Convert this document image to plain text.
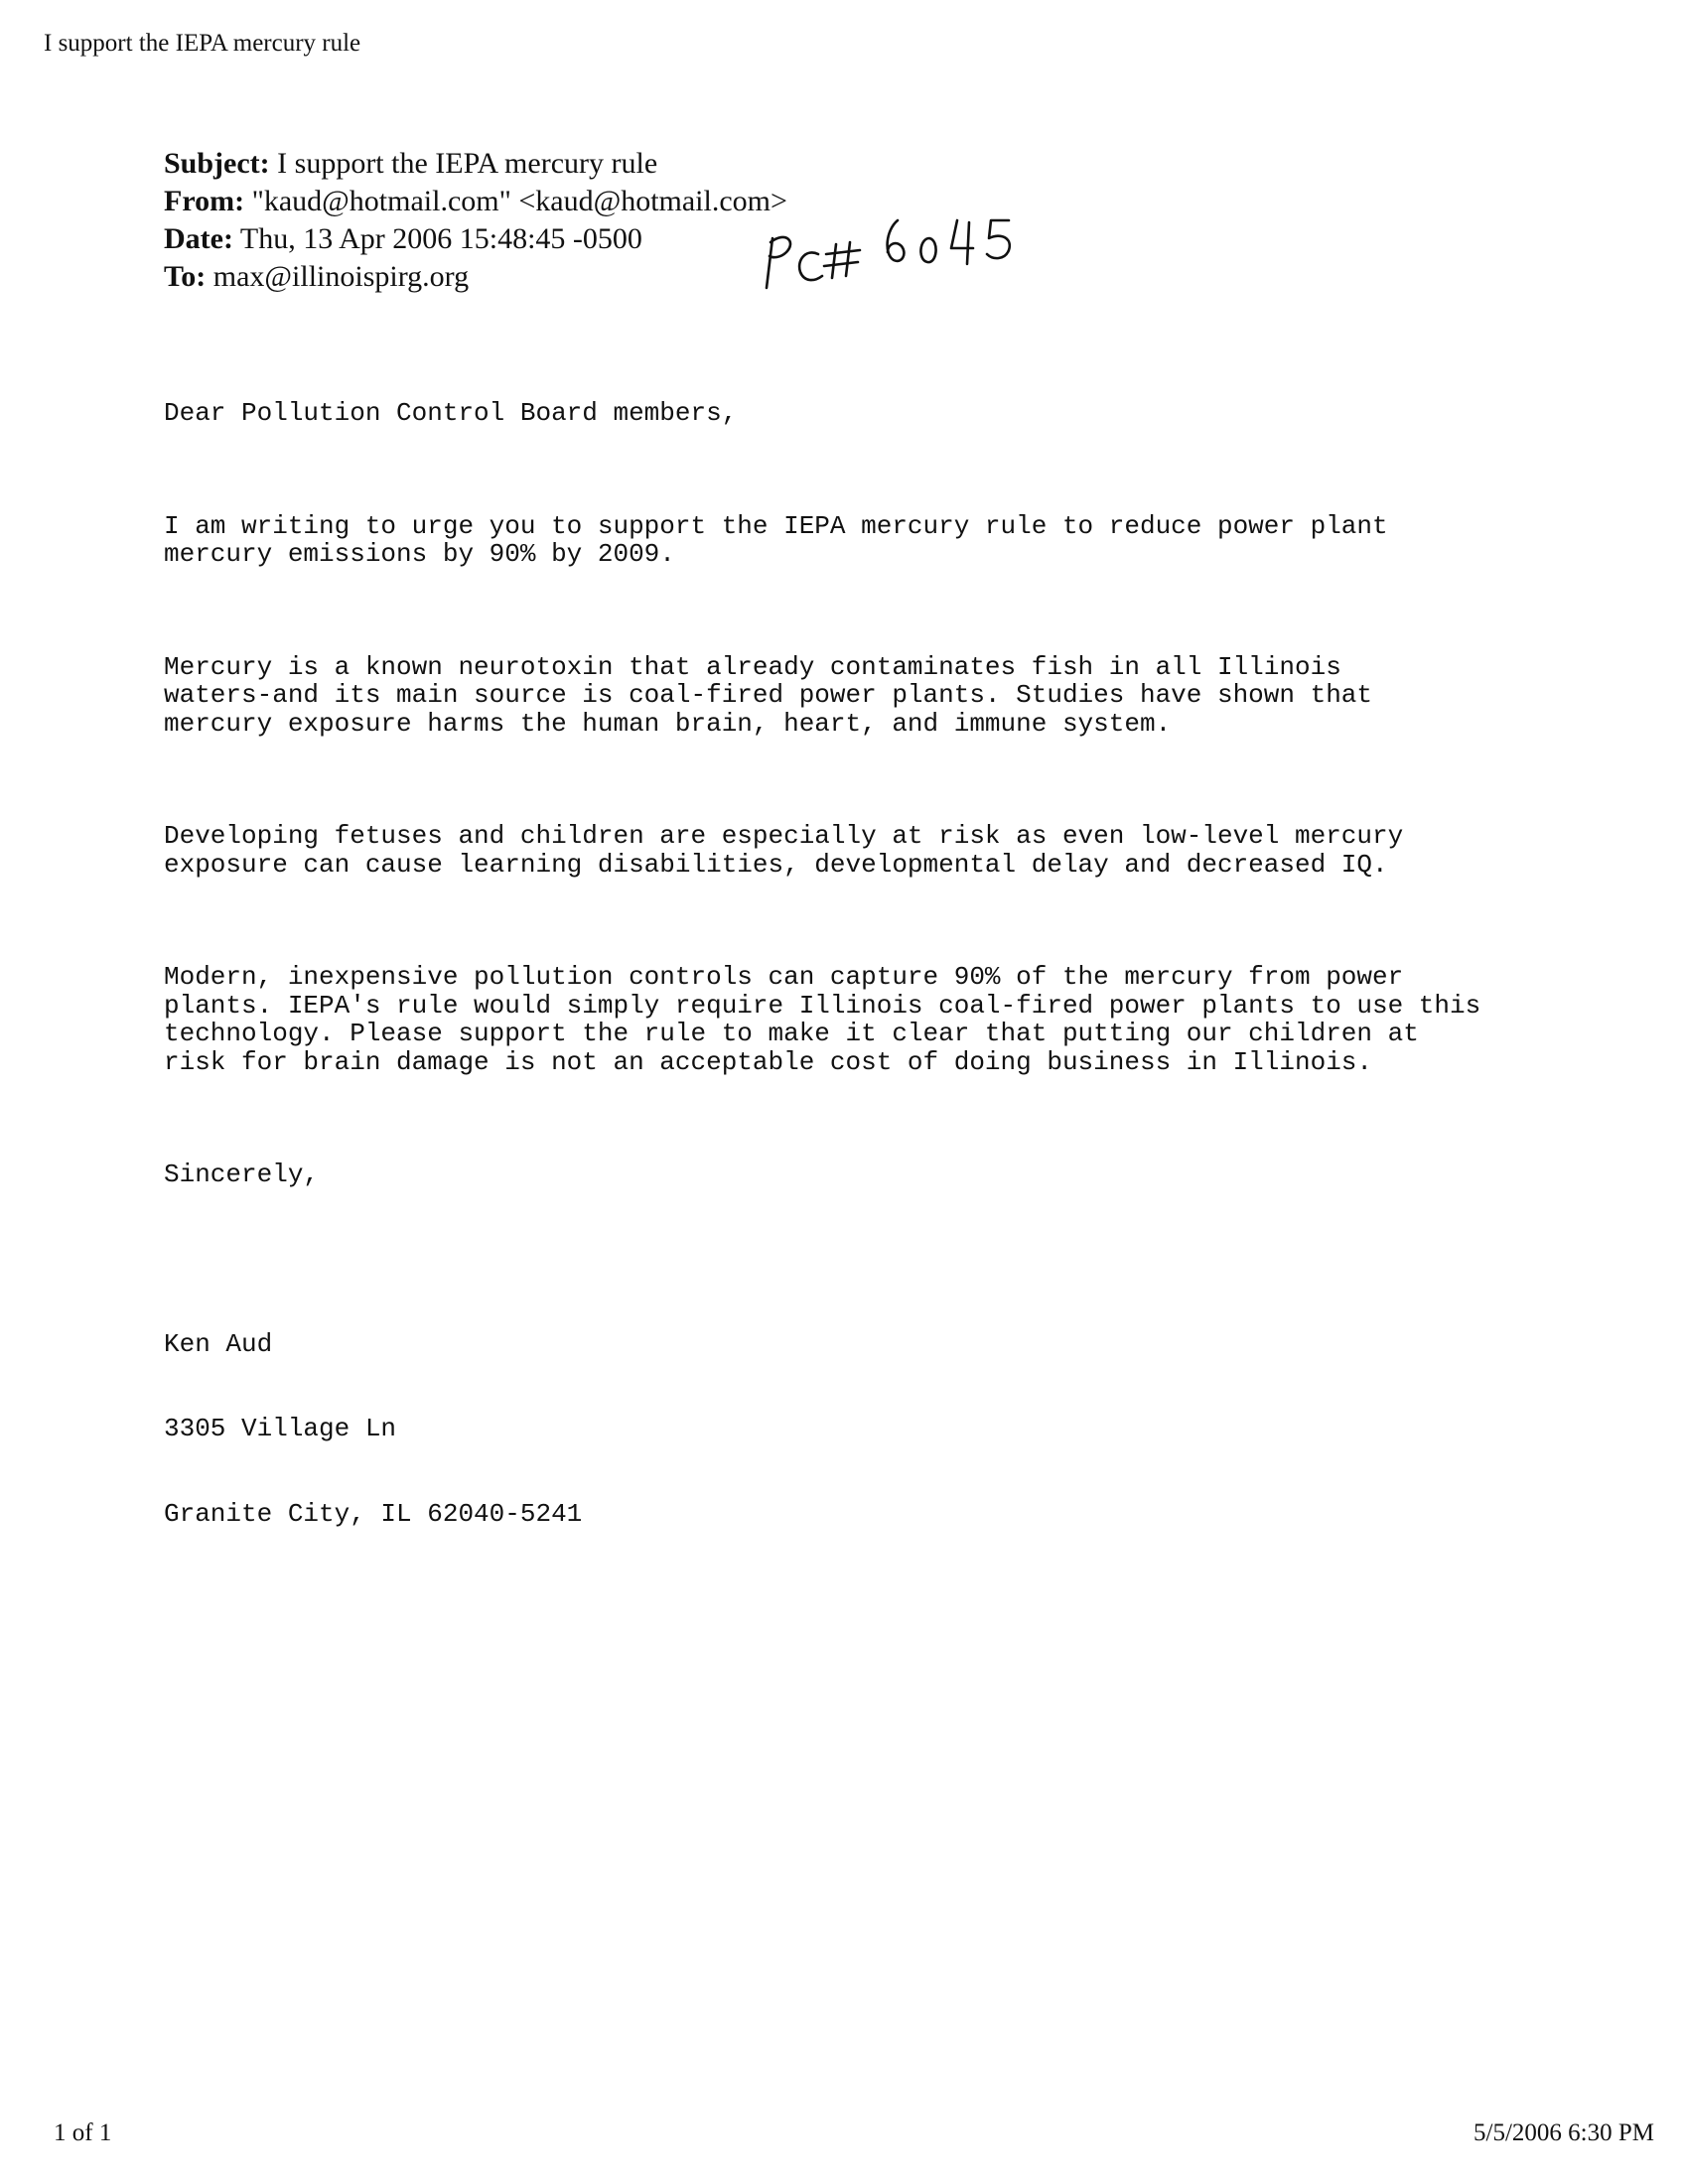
I support the IEPA mercury rule
Subject: I support the IEPA mercury rule
From: "kaud@hotmail.com" <kaud@hotmail.com>
Date: Thu, 13 Apr 2006 15:48:45 -0500
To: max@illinoispirg.org

Dear Pollution Control Board members,

I am writing to urge you to support the IEPA mercury rule to reduce power plant
mercury emissions by 90% by 2009.

Mercury is a known neurotoxin that already contaminates fish in all Illinois
waters-and its main source is coal-fired power plants. Studies have shown that
mercury exposure harms the human brain, heart, and immune system.

Developing fetuses and children are especially at risk as even low-level mercury
exposure can cause learning disabilities, developmental delay and decreased IQ.

Modern, inexpensive pollution controls can capture 90% of the mercury from power
plants. IEPA's rule would simply require Illinois coal-fired power plants to use this
technology. Please support the rule to make it clear that putting our children at
risk for brain damage is not an acceptable cost of doing business in Illinois.

Sincerely,

Ken Aud

3305 Village Ln

Granite City, IL 62040-5241

1 of 1	5/5/2006 6:30 PM
